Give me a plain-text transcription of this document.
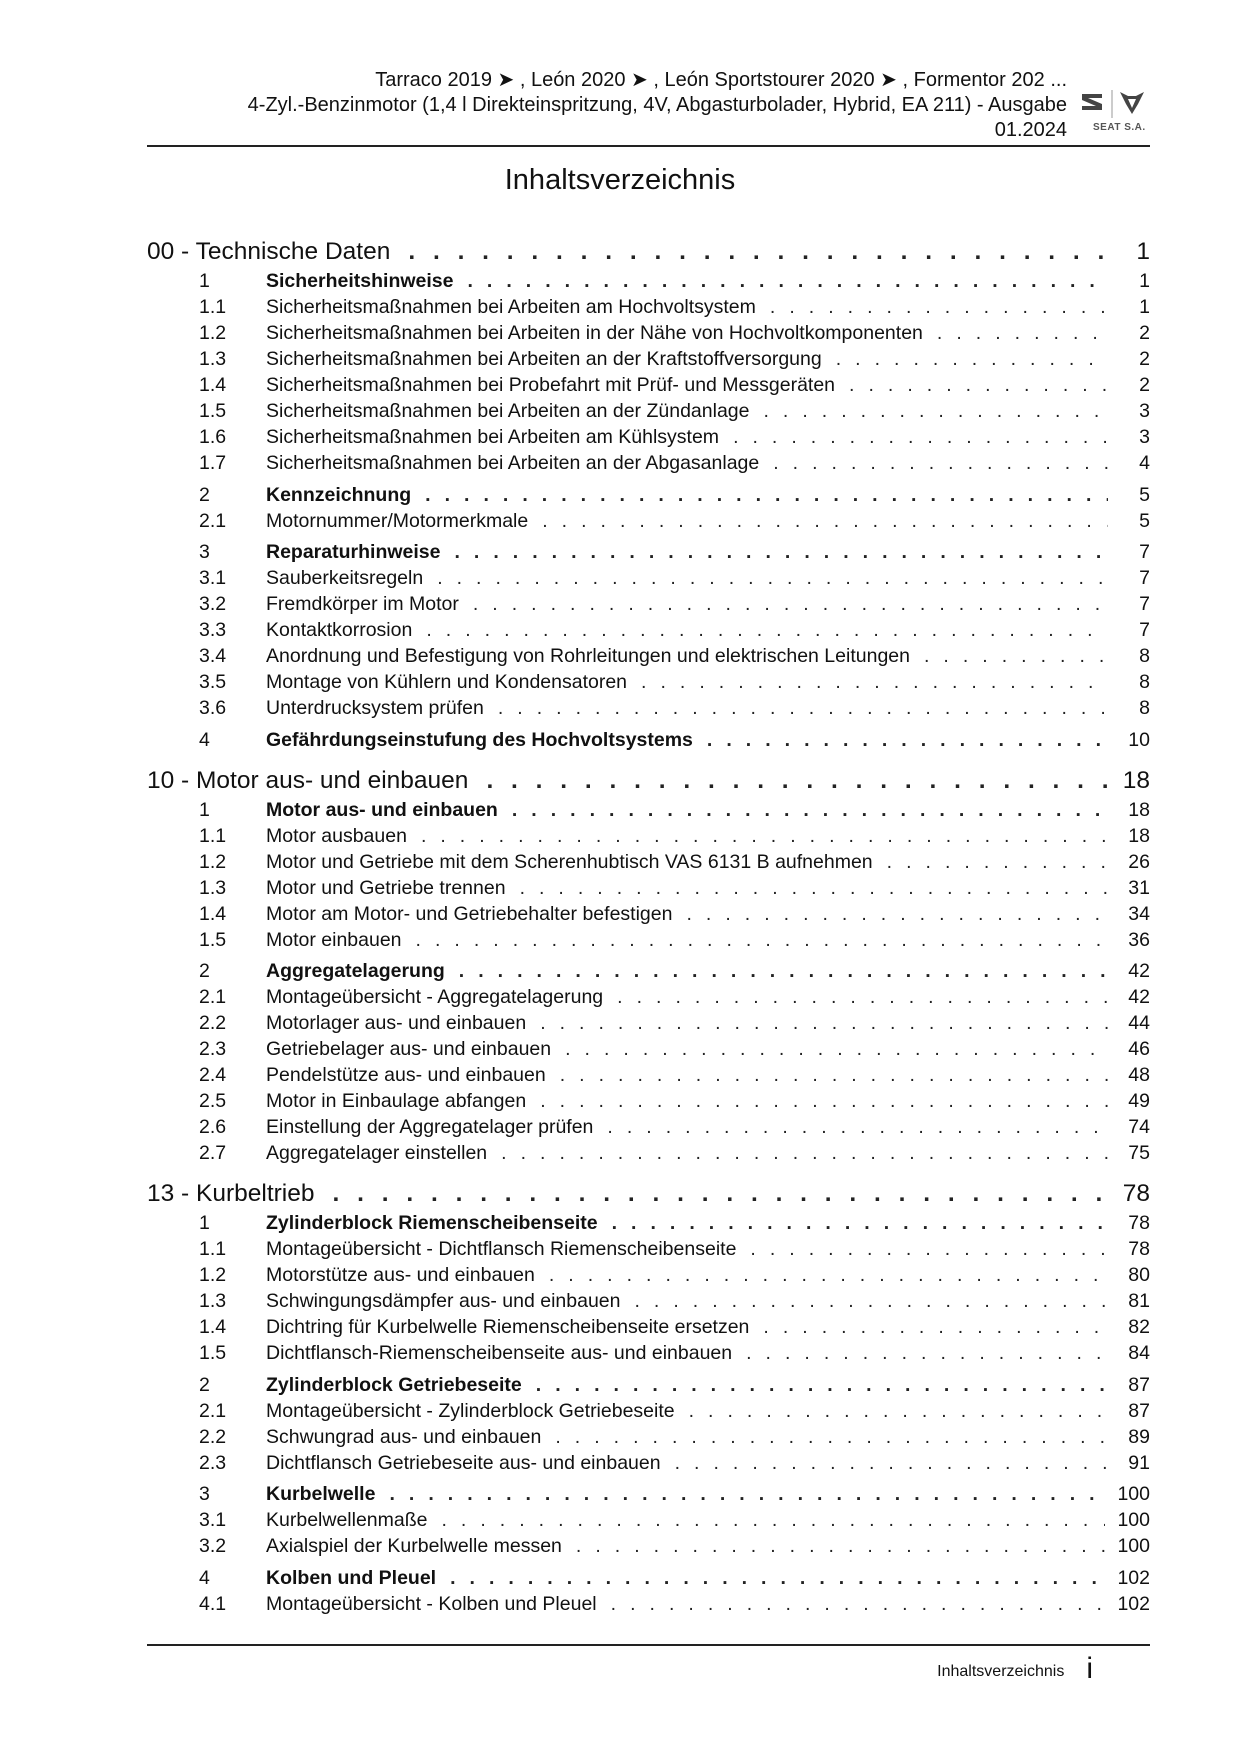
Tarraco 2019 ➤ , León 2020 ➤ , León Sportstourer 2020 ➤ , Formentor 202 ...
4-Zyl.-Benzinmotor (1,4 l Direkteinspritzung, 4V, Abgasturbolader, Hybrid, EA 211) - Ausgabe
01.2024	SEAT S.A.
Inhaltsverzeichnis
00 - Technische Daten . . .	1
1	Sicherheitshinweise . . .	1
1.1 Sicherheitsmaßnahmen bei Arbeiten am Hochvoltsystem . . .	1
1.2 Sicherheitsmaßnahmen bei Arbeiten in der Nähe von Hochvoltkomponenten . . .	2
1.3 Sicherheitsmaßnahmen bei Arbeiten an der Kraftstoffversorgung . . .	2
1.4 Sicherheitsmaßnahmen bei Probefahrt mit Prüf- und Messgeräten . . .	2
1.5 Sicherheitsmaßnahmen bei Arbeiten an der Zündanlage . . .	3
1.6 Sicherheitsmaßnahmen bei Arbeiten am Kühlsystem . . .	3
1.7 Sicherheitsmaßnahmen bei Arbeiten an der Abgasanlage . . .	4
2	Kennzeichnung . . .	5
2.1 Motornummer/Motormerkmale . . .	5
3	Reparaturhinweise . . .	7
3.1 Sauberkeitsregeln . . .	7
3.2 Fremdkörper im Motor . . .	7
3.3 Kontaktkorrosion . . .	7
3.4 Anordnung und Befestigung von Rohrleitungen und elektrischen Leitungen . . .	8
3.5 Montage von Kühlern und Kondensatoren . . .	8
3.6 Unterdrucksystem prüfen . . .	8
4	Gefährdungseinstufung des Hochvoltsystems . . .	10
10 - Motor aus- und einbauen . . .	18
1	Motor aus- und einbauen . . .	18
1.1 Motor ausbauen . . .	18
1.2 Motor und Getriebe mit dem Scherenhubtisch VAS 6131 B aufnehmen . . .	26
1.3 Motor und Getriebe trennen . . .	31
1.4 Motor am Motor- und Getriebehalter befestigen . . .	34
1.5 Motor einbauen . . .	36
2	Aggregatelagerung . . .	42
2.1 Montageübersicht - Aggregatelagerung . . .	42
2.2 Motorlager aus- und einbauen . . .	44
2.3 Getriebelager aus- und einbauen . . .	46
2.4 Pendelstütze aus- und einbauen . . .	48
2.5 Motor in Einbaulage abfangen . . .	49
2.6 Einstellung der Aggregatelager prüfen . . .	74
2.7 Aggregatelager einstellen . . .	75
13 - Kurbeltrieb . . .	78
1	Zylinderblock Riemenscheibenseite . . .	78
1.1 Montageübersicht - Dichtflansch Riemenscheibenseite . . .	78
1.2 Motorstütze aus- und einbauen . . .	80
1.3 Schwingungsdämpfer aus- und einbauen . . .	81
1.4 Dichtring für Kurbelwelle Riemenscheibenseite ersetzen . . .	82
1.5 Dichtflansch-Riemenscheibenseite aus- und einbauen . . .	84
2	Zylinderblock Getriebeseite . . .	87
2.1 Montageübersicht - Zylinderblock Getriebeseite . . .	87
2.2 Schwungrad aus- und einbauen . . .	89
2.3 Dichtflansch Getriebeseite aus- und einbauen . . .	91
3	Kurbelwelle . . .	100
3.1 Kurbelwellenmaße . . .	100
3.2 Axialspiel der Kurbelwelle messen . . .	100
4	Kolben und Pleuel . . .	102
4.1 Montageübersicht - Kolben und Pleuel . . .	102
Inhaltsverzeichnis i
